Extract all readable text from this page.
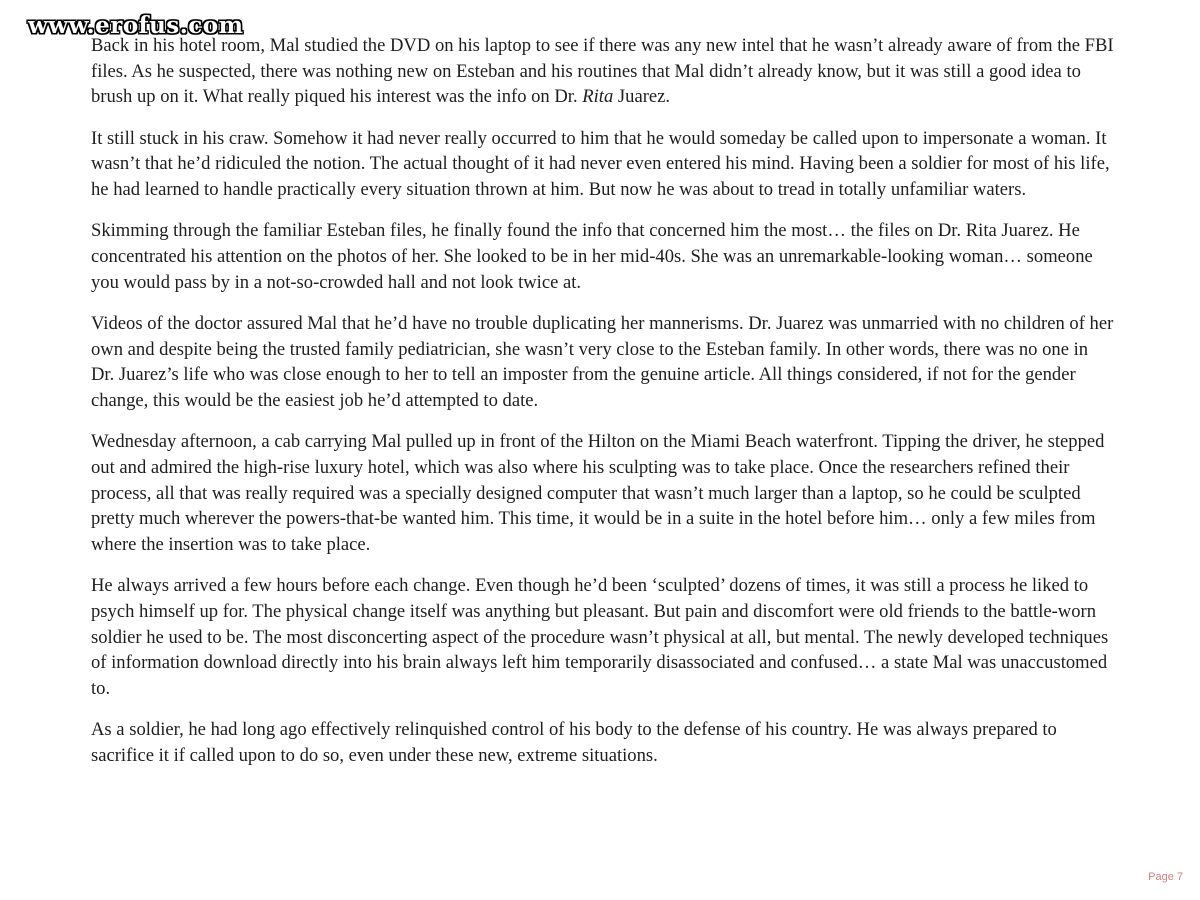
www.erofus.com

Back in his hotel room, Mal studied the DVD on his laptop to see if there was any new intel that he wasn’t already aware of from the FBI files. As he suspected, there was nothing new on Esteban and his routines that Mal didn’t already know, but it was still a good idea to brush up on it. What really piqued his interest was the info on Dr. Rita Juarez.

It still stuck in his craw. Somehow it had never really occurred to him that he would someday be called upon to impersonate a woman. It wasn’t that he’d ridiculed the notion. The actual thought of it had never even entered his mind. Having been a soldier for most of his life, he had learned to handle practically every situation thrown at him. But now he was about to tread in totally unfamiliar waters.

Skimming through the familiar Esteban files, he finally found the info that concerned him the most… the files on Dr. Rita Juarez. He concentrated his attention on the photos of her. She looked to be in her mid-40s. She was an unremarkable-looking woman… someone you would pass by in a not-so-crowded hall and not look twice at.

Videos of the doctor assured Mal that he’d have no trouble duplicating her mannerisms. Dr. Juarez was unmarried with no children of her own and despite being the trusted family pediatrician, she wasn’t very close to the Esteban family. In other words, there was no one in Dr. Juarez’s life who was close enough to her to tell an imposter from the genuine article. All things considered, if not for the gender change, this would be the easiest job he’d attempted to date.

Wednesday afternoon, a cab carrying Mal pulled up in front of the Hilton on the Miami Beach waterfront. Tipping the driver, he stepped out and admired the high-rise luxury hotel, which was also where his sculpting was to take place. Once the researchers refined their process, all that was really required was a specially designed computer that wasn’t much larger than a laptop, so he could be sculpted pretty much wherever the powers-that-be wanted him. This time, it would be in a suite in the hotel before him… only a few miles from where the insertion was to take place.

He always arrived a few hours before each change. Even though he’d been ‘sculpted’ dozens of times, it was still a process he liked to psych himself up for. The physical change itself was anything but pleasant. But pain and discomfort were old friends to the battle-worn soldier he used to be. The most disconcerting aspect of the procedure wasn’t physical at all, but mental. The newly developed techniques of information download directly into his brain always left him temporarily disassociated and confused… a state Mal was unaccustomed to.

As a soldier, he had long ago effectively relinquished control of his body to the defense of his country. He was always prepared to sacrifice it if called upon to do so, even under these new, extreme situations.

Page 7
